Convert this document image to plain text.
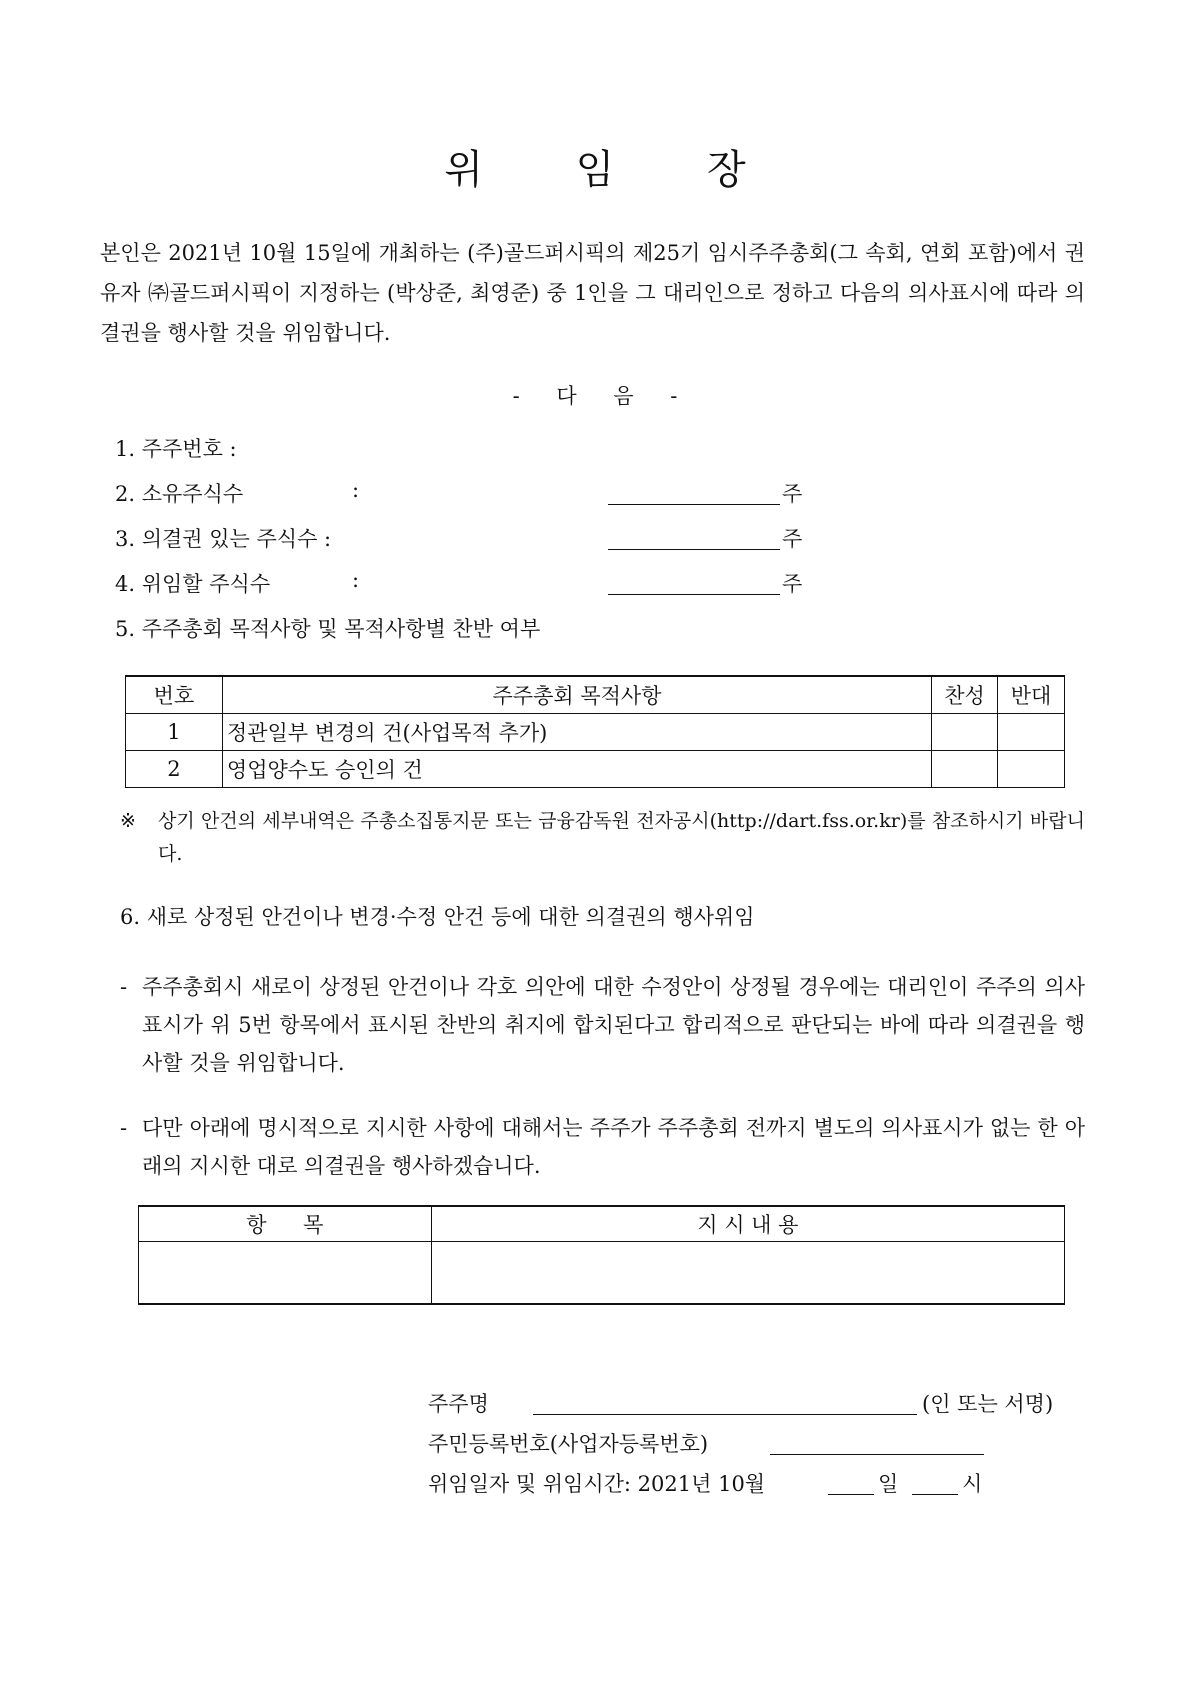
위 임 장
본인은 2021년 10월 15일에 개최하는 (주)골드퍼시픽의 제25기 임시주주총회(그 속회, 연회 포함)에서 권유자 ㈜골드퍼시픽이 지정하는 (박상준, 최영준) 중 1인을 그 대리인으로 정하고 다음의 의사표시에 따라 의결권을 행사할 것을 위임합니다.
- 다 음 -
1. 주주번호 :
2. 소유주식수	:	주
3. 의결권 있는 주식수 :	주
4. 위임할 주식수	:	주
5. 주주총회 목적사항 및 목적사항별 찬반 여부
번호	주주총회 목적사항	찬성	반대
1	정관일부 변경의 건(사업목적 추가)		
2	영업양수도 승인의 건		
※	상기 안건의 세부내역은 주총소집통지문 또는 금융감독원 전자공시(http://dart.fss.or.kr)를 참조하시기 바랍니다.
6. 새로 상정된 안건이나 변경·수정 안건 등에 대한 의결권의 행사위임
- 주주총회시 새로이 상정된 안건이나 각호 의안에 대한 수정안이 상정될 경우에는 대리인이 주주의 의사표시가 위 5번 항목에서 표시된 찬반의 취지에 합치된다고 합리적으로 판단되는 바에 따라 의결권을 행사할 것을 위임합니다.
- 다만 아래에 명시적으로 지시한 사항에 대해서는 주주가 주주총회 전까지 별도의 의사표시가 없는 한 아래의 지시한 대로 의결권을 행사하겠습니다.
항 목	지 시 내 용

주주명	(인 또는 서명)
주민등록번호(사업자등록번호)
위임일자 및 위임시간: 2021년 10월	일	시
